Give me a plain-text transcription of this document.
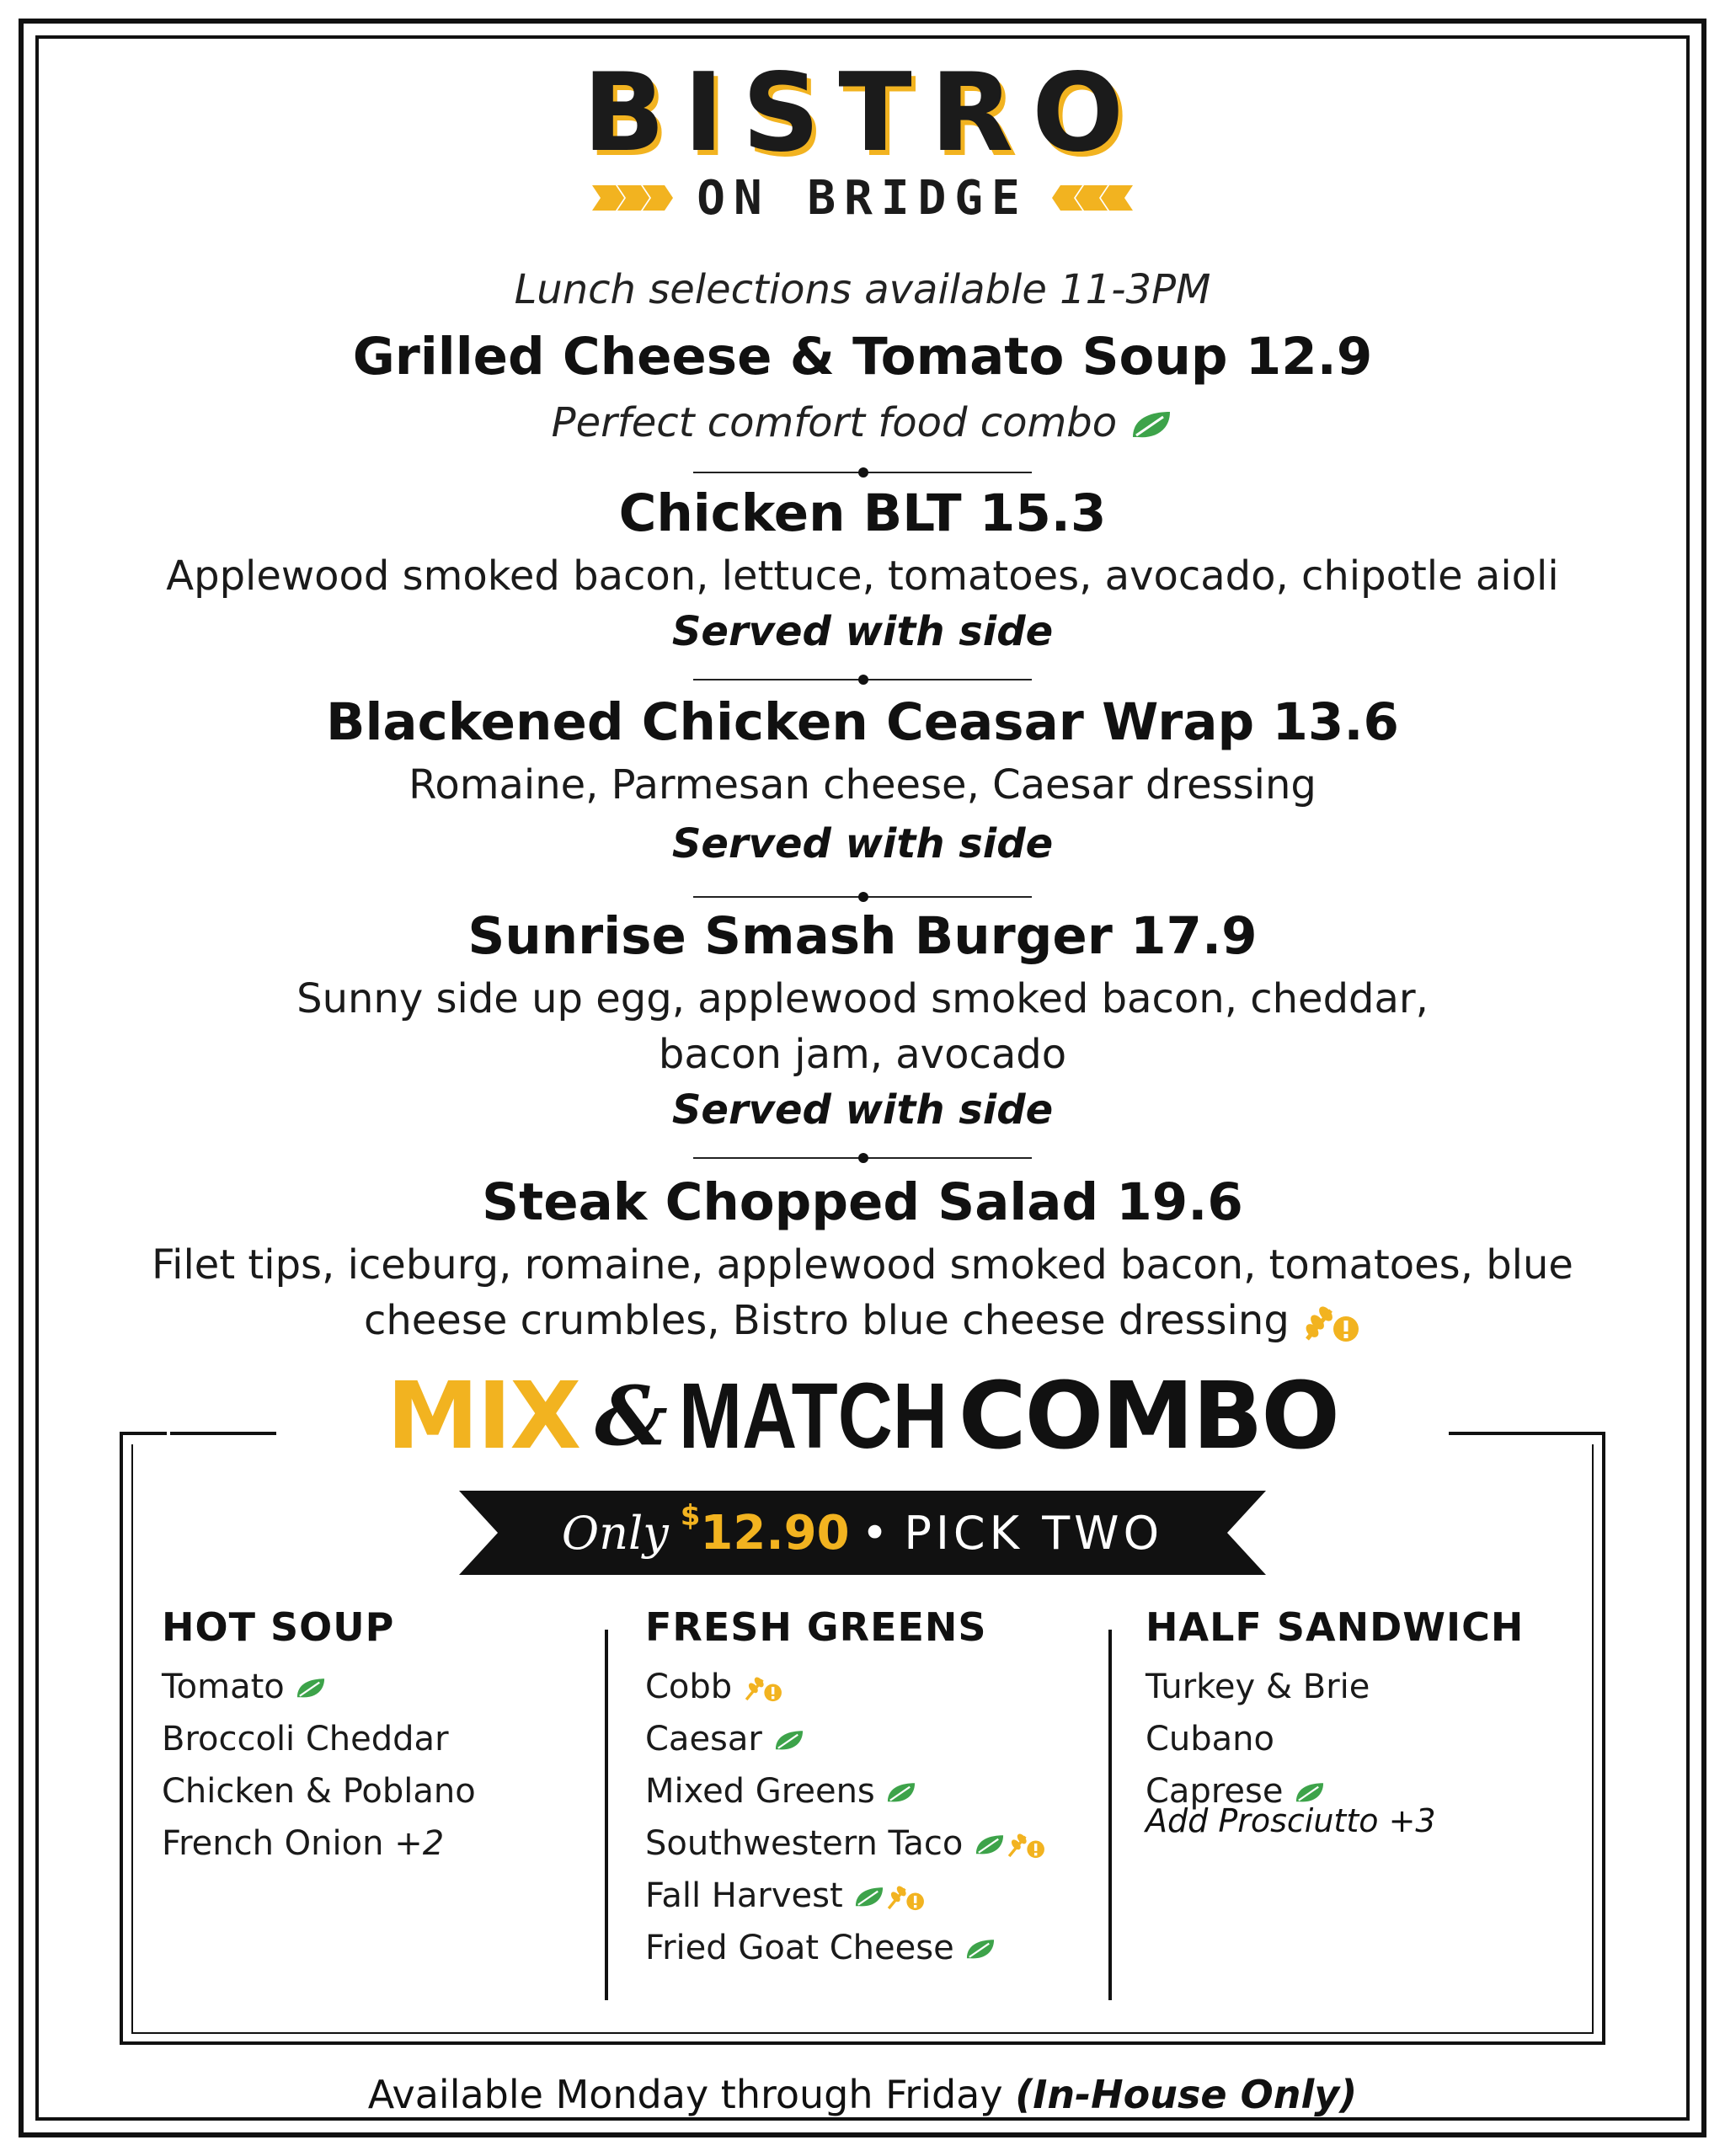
BISTRO
ON BRIDGE
Lunch selections available 11-3PM
Grilled Cheese & Tomato Soup 12.9
Perfect comfort food combo
Chicken BLT 15.3
Applewood smoked bacon, lettuce, tomatoes, avocado, chipotle aioli
Served with side
Blackened Chicken Ceasar Wrap 13.6
Romaine, Parmesan cheese, Caesar dressing
Served with side
Sunrise Smash Burger 17.9
Sunny side up egg, applewood smoked bacon, cheddar,
bacon jam, avocado
Served with side
Steak Chopped Salad 19.6
Filet tips, iceburg, romaine, applewood smoked bacon, tomatoes, blue
cheese crumbles, Bistro blue cheese dressing
MIX & MATCH COMBO
Only $12.90 • PICK TWO
HOT SOUP
Tomato
Broccoli Cheddar
Chicken & Poblano
French Onion +2
FRESH GREENS
Cobb
Caesar
Mixed Greens
Southwestern Taco
Fall Harvest
Fried Goat Cheese
HALF SANDWICH
Turkey & Brie
Cubano
Caprese
Add Prosciutto +3
Available Monday through Friday (In-House Only)
